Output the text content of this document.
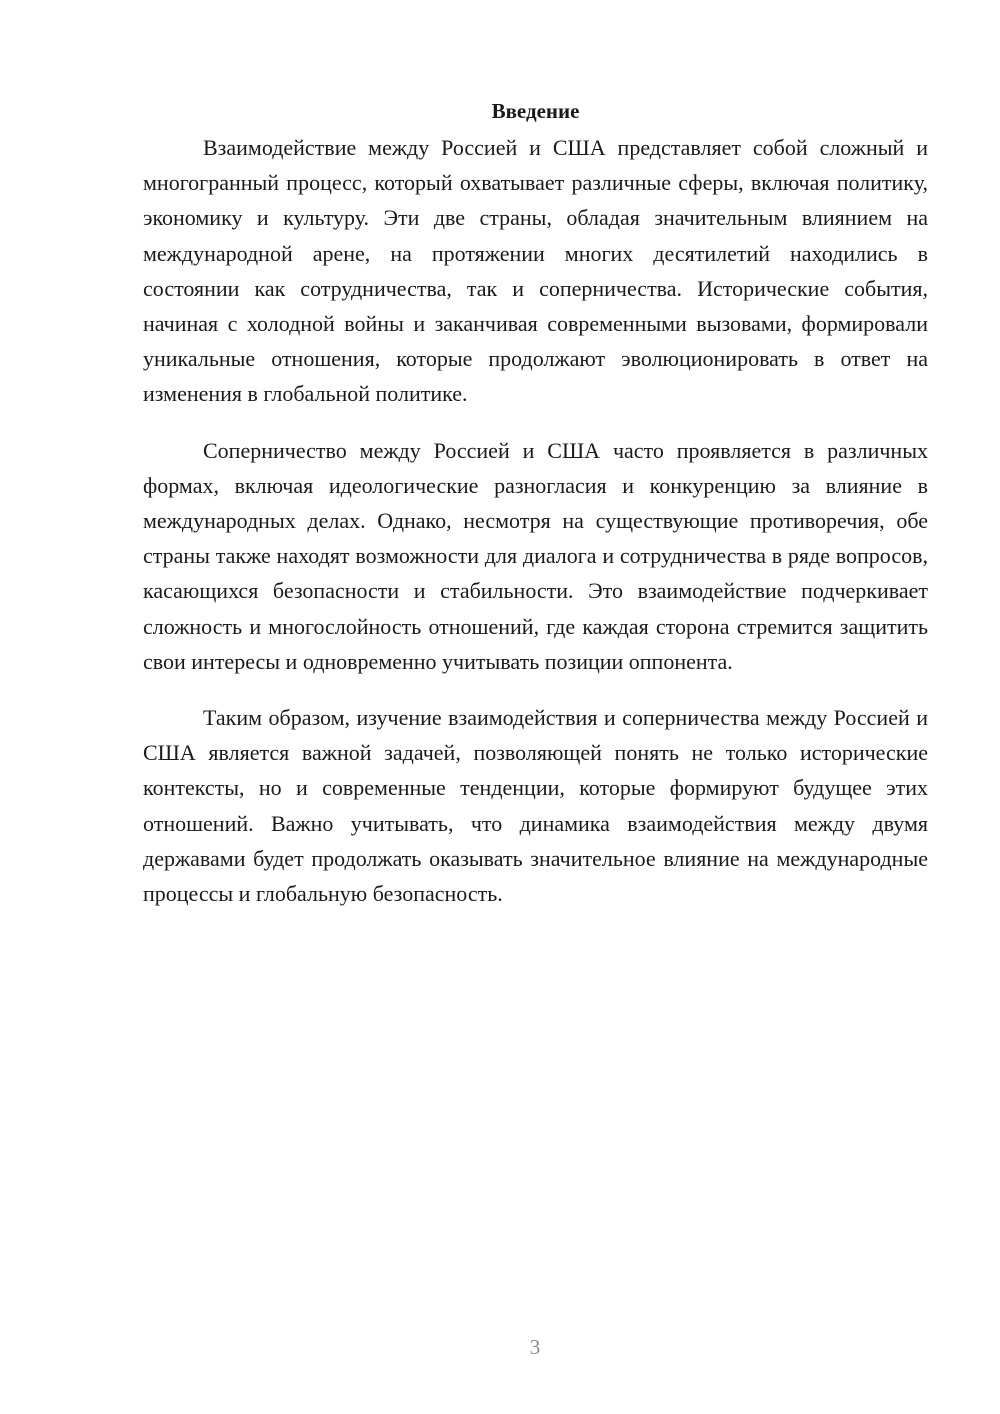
Введение

Взаимодействие между Россией и США представляет собой сложный и многогранный процесс, который охватывает различные сферы, включая политику, экономику и культуру. Эти две страны, обладая значительным влиянием на международной арене, на протяжении многих десятилетий находились в состоянии как сотрудничества, так и соперничества. Исторические события, начиная с холодной войны и заканчивая современными вызовами, формировали уникальные отношения, которые продолжают эволюционировать в ответ на изменения в глобальной политике.

Соперничество между Россией и США часто проявляется в различных формах, включая идеологические разногласия и конкуренцию за влияние в международных делах. Однако, несмотря на существующие противоречия, обе страны также находят возможности для диалога и сотрудничества в ряде вопросов, касающихся безопасности и стабильности. Это взаимодействие подчеркивает сложность и многослойность отношений, где каждая сторона стремится защитить свои интересы и одновременно учитывать позиции оппонента.

Таким образом, изучение взаимодействия и соперничества между Россией и США является важной задачей, позволяющей понять не только исторические контексты, но и современные тенденции, которые формируют будущее этих отношений. Важно учитывать, что динамика взаимодействия между двумя державами будет продолжать оказывать значительное влияние на международные процессы и глобальную безопасность.

3
